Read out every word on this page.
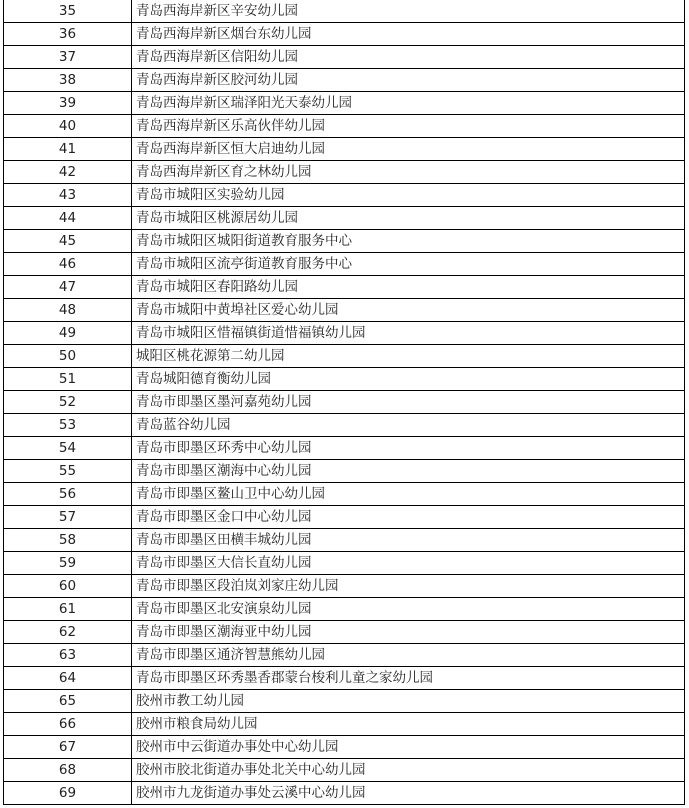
35	青岛西海岸新区辛安幼儿园
36	青岛西海岸新区烟台东幼儿园
37	青岛西海岸新区信阳幼儿园
38	青岛西海岸新区胶河幼儿园
39	青岛西海岸新区瑞泽阳光天泰幼儿园
40	青岛西海岸新区乐高伙伴幼儿园
41	青岛西海岸新区恒大启迪幼儿园
42	青岛西海岸新区育之林幼儿园
43	青岛市城阳区实验幼儿园
44	青岛市城阳区桃源居幼儿园
45	青岛市城阳区城阳街道教育服务中心
46	青岛市城阳区流亭街道教育服务中心
47	青岛市城阳区春阳路幼儿园
48	青岛市城阳中黄埠社区爱心幼儿园
49	青岛市城阳区惜福镇街道惜福镇幼儿园
50	城阳区桃花源第二幼儿园
51	青岛城阳德育衡幼儿园
52	青岛市即墨区墨河嘉苑幼儿园
53	青岛蓝谷幼儿园
54	青岛市即墨区环秀中心幼儿园
55	青岛市即墨区潮海中心幼儿园
56	青岛市即墨区鳌山卫中心幼儿园
57	青岛市即墨区金口中心幼儿园
58	青岛市即墨区田横丰城幼儿园
59	青岛市即墨区大信长直幼儿园
60	青岛市即墨区段泊岚刘家庄幼儿园
61	青岛市即墨区北安演泉幼儿园
62	青岛市即墨区潮海亚中幼儿园
63	青岛市即墨区通济智慧熊幼儿园
64	青岛市即墨区环秀墨香郡蒙台梭利儿童之家幼儿园
65	胶州市教工幼儿园
66	胶州市粮食局幼儿园
67	胶州市中云街道办事处中心幼儿园
68	胶州市胶北街道办事处北关中心幼儿园
69	胶州市九龙街道办事处云溪中心幼儿园
